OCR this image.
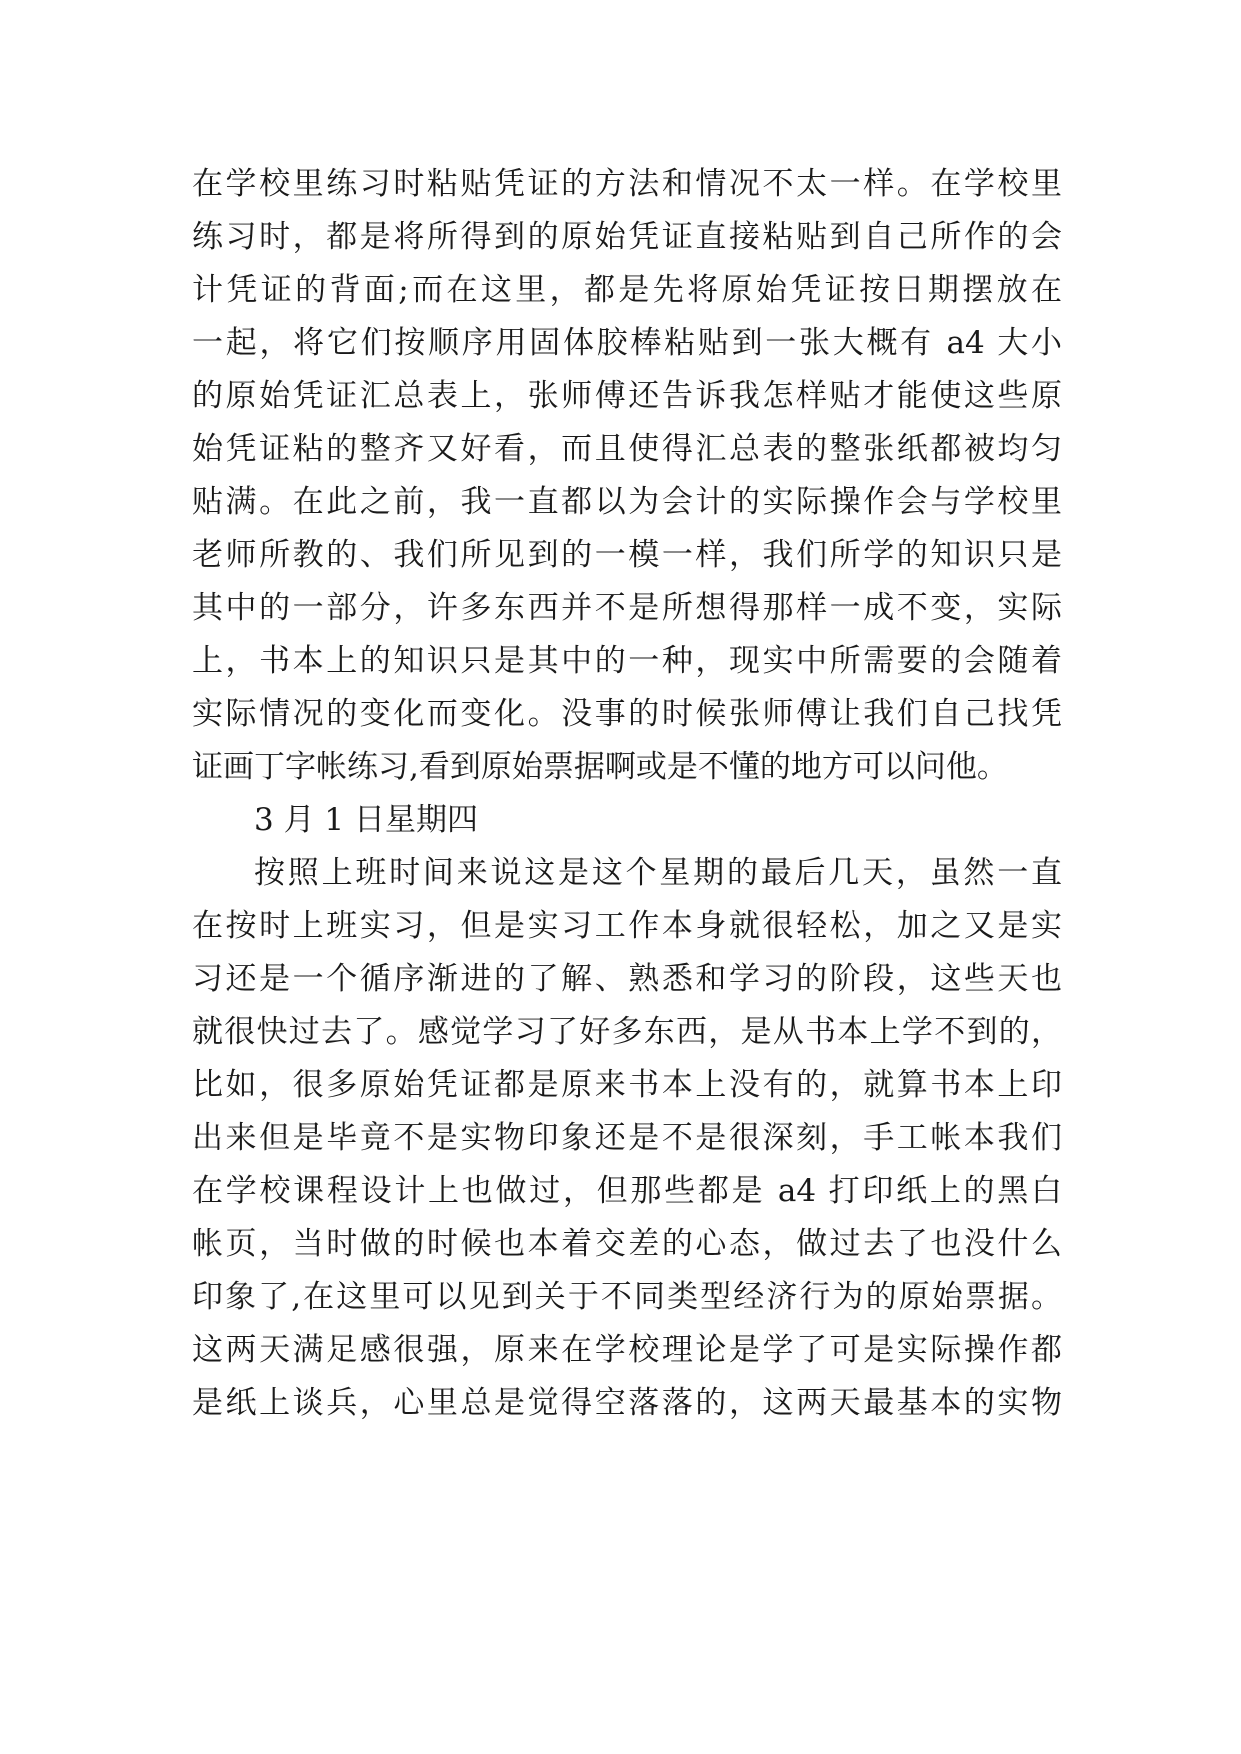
在学校里练习时粘贴凭证的方法和情况不太一样。在学校里
练习时，都是将所得到的原始凭证直接粘贴到自己所作的会
计凭证的背面;而在这里，都是先将原始凭证按日期摆放在
一起，将它们按顺序用固体胶棒粘贴到一张大概有 a4 大小
的原始凭证汇总表上，张师傅还告诉我怎样贴才能使这些原
始凭证粘的整齐又好看，而且使得汇总表的整张纸都被均匀
贴满。在此之前，我一直都以为会计的实际操作会与学校里
老师所教的、我们所见到的一模一样，我们所学的知识只是
其中的一部分，许多东西并不是所想得那样一成不变，实际
上，书本上的知识只是其中的一种，现实中所需要的会随着
实际情况的变化而变化。没事的时候张师傅让我们自己找凭
证画丁字帐练习,看到原始票据啊或是不懂的地方可以问他。
3 月 1 日星期四
按照上班时间来说这是这个星期的最后几天，虽然一直
在按时上班实习，但是实习工作本身就很轻松，加之又是实
习还是一个循序渐进的了解、熟悉和学习的阶段，这些天也
就很快过去了。感觉学习了好多东西，是从书本上学不到的，
比如，很多原始凭证都是原来书本上没有的，就算书本上印
出来但是毕竟不是实物印象还是不是很深刻，手工帐本我们
在学校课程设计上也做过，但那些都是 a4 打印纸上的黑白
帐页，当时做的时候也本着交差的心态，做过去了也没什么
印象了,在这里可以见到关于不同类型经济行为的原始票据。
这两天满足感很强，原来在学校理论是学了可是实际操作都
是纸上谈兵，心里总是觉得空落落的，这两天最基本的实物
